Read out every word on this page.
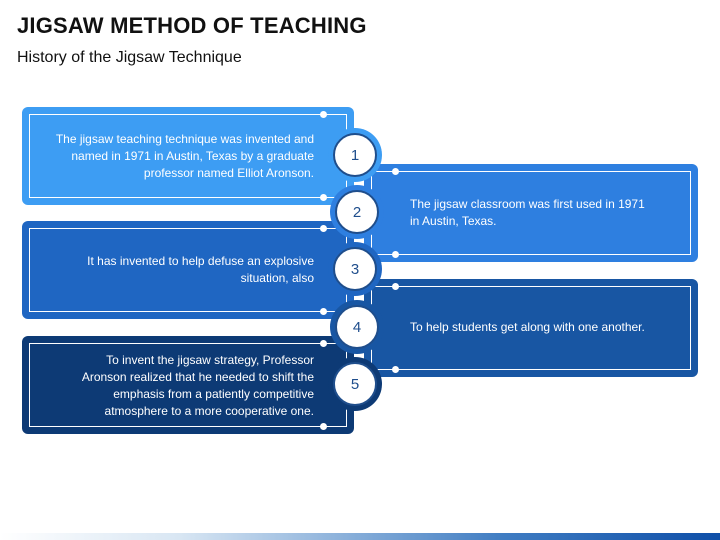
JIGSAW METHOD OF TEACHING
History of the Jigsaw Technique
The jigsaw teaching technique was invented and named in 1971 in Austin, Texas by a graduate professor named Elliot Aronson.
1
The jigsaw classroom was first used in 1971 in Austin, Texas.
2
It has invented to help defuse an explosive situation, also
3
To help students get along with one another.
4
To invent the jigsaw strategy, Professor Aronson realized that he needed to shift the emphasis from a patiently competitive atmosphere to a more cooperative one.
5
